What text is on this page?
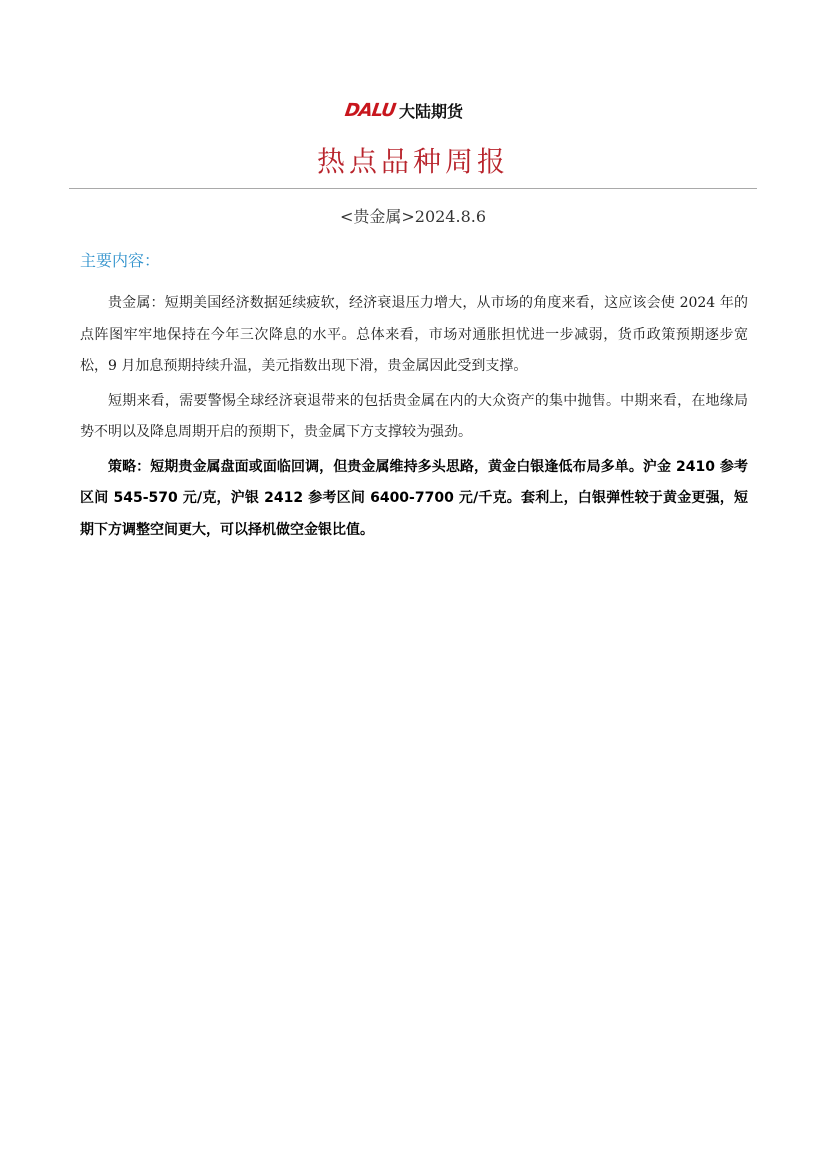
DALU 大陆期货
热点品种周报
<贵金属>2024.8.6
主要内容：

贵金属：短期美国经济数据延续疲软，经济衰退压力增大，从市场的角度来看，这应该会使 2024 年的点阵图牢牢地保持在今年三次降息的水平。总体来看，市场对通胀担忧进一步减弱，货币政策预期逐步宽松，9 月加息预期持续升温，美元指数出现下滑，贵金属因此受到支撑。

短期来看，需要警惕全球经济衰退带来的包括贵金属在内的大众资产的集中抛售。中期来看，在地缘局势不明以及降息周期开启的预期下，贵金属下方支撑较为强劲。

策略：短期贵金属盘面或面临回调，但贵金属维持多头思路，黄金白银逢低布局多单。沪金 2410 参考区间 545-570 元/克，沪银 2412 参考区间 6400-7700 元/千克。套利上，白银弹性较于黄金更强，短期下方调整空间更大，可以择机做空金银比值。
